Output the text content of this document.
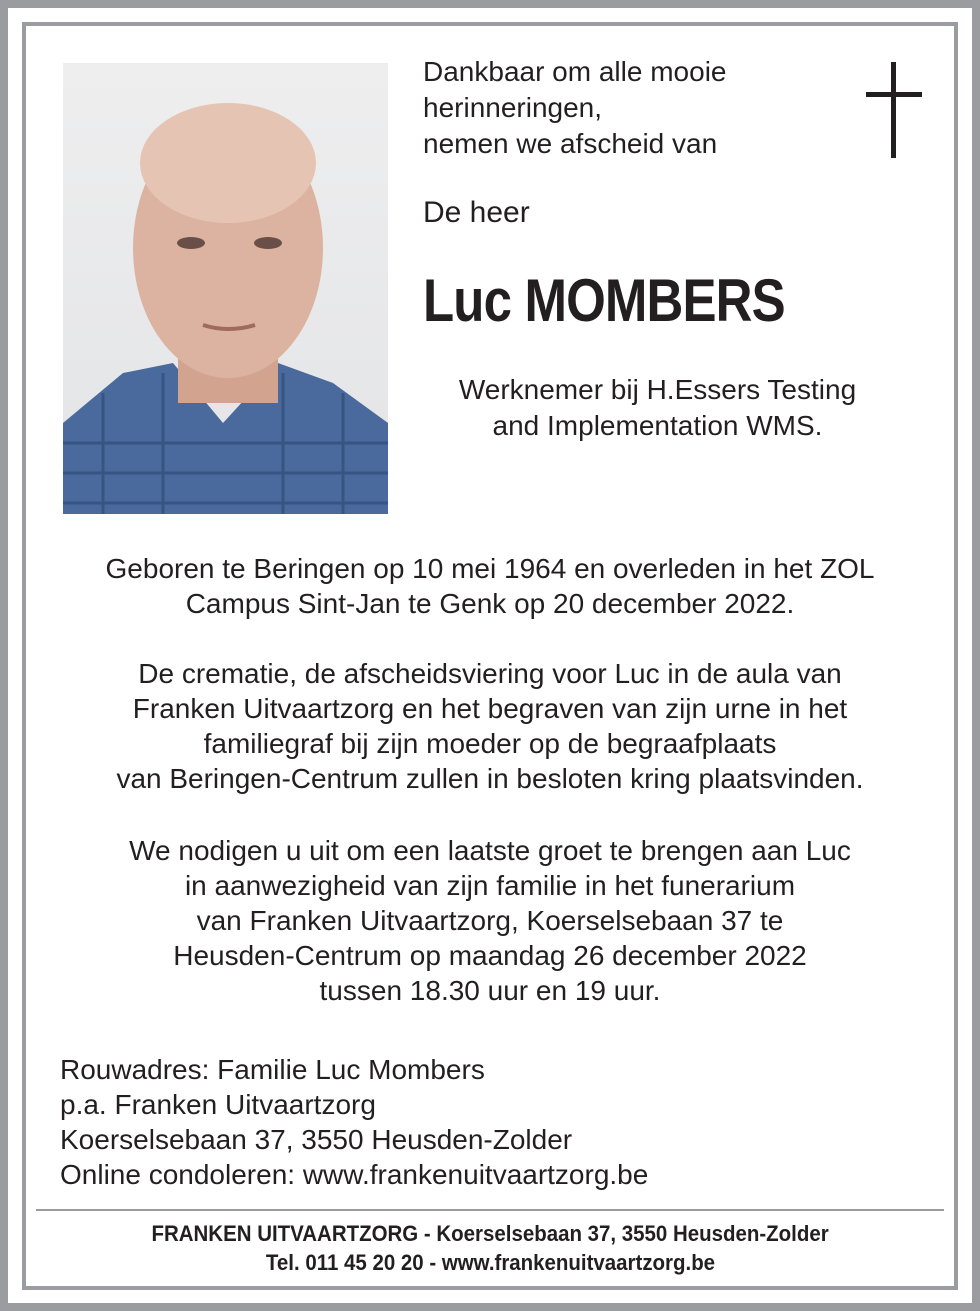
Dankbaar om alle mooie
herinneringen,
nemen we afscheid van
De heer
Luc MOMBERS
Werknemer bij H.Essers Testing
and Implementation WMS.
Geboren te Beringen op 10 mei 1964 en overleden in het ZOL
Campus Sint-Jan te Genk op 20 december 2022.
De crematie, de afscheidsviering voor Luc in de aula van
Franken Uitvaartzorg en het begraven van zijn urne in het
familiegraf bij zijn moeder op de begraafplaats
van Beringen-Centrum zullen in besloten kring plaatsvinden.
We nodigen u uit om een laatste groet te brengen aan Luc
in aanwezigheid van zijn familie in het funerarium
van Franken Uitvaartzorg, Koerselsebaan 37 te
Heusden-Centrum op maandag 26 december 2022
tussen 18.30 uur en 19 uur.
Rouwadres: Familie Luc Mombers
p.a. Franken Uitvaartzorg
Koerselsebaan 37, 3550 Heusden-Zolder
Online condoleren: www.frankenuitvaartzorg.be
FRANKEN UITVAARTZORG - Koerselsebaan 37, 3550 Heusden-Zolder
Tel. 011 45 20 20 - www.frankenuitvaartzorg.be
